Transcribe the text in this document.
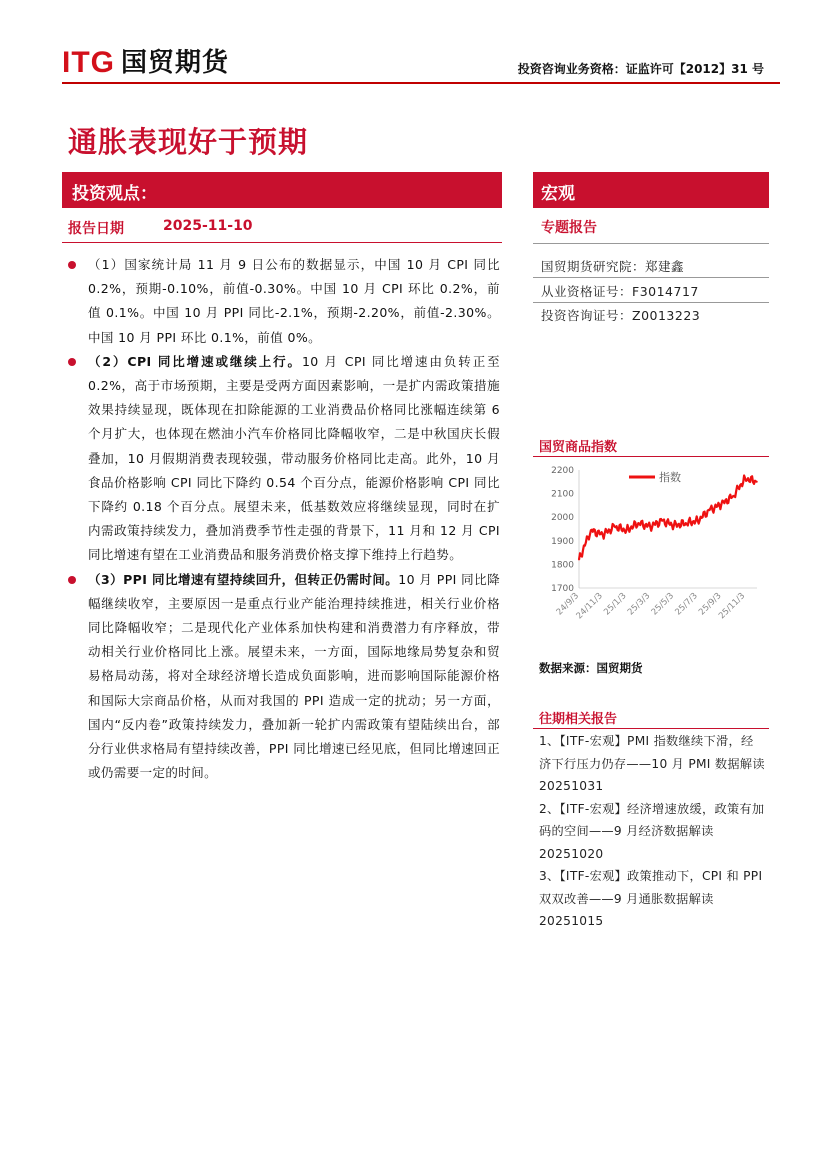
ITG 国贸期货	投资咨询业务资格：证监许可【2012】31 号
通胀表现好于预期
投资观点：	宏观
报告日期	2025-11-10	专题报告
国贸期货研究院：郑建鑫
从业资格证号：F3014717
投资咨询证号：Z0013223

（1）国家统计局 11 月 9 日公布的数据显示，中国 10 月 CPI 同比 0.2%，预期-0.10%，前值-0.30%。中国 10 月 CPI 环比 0.2%，前值 0.1%。中国 10 月 PPI 同比-2.1%，预期-2.20%，前值-2.30%。中国 10 月 PPI 环比 0.1%，前值 0%。

（2）CPI 同比增速或继续上行。10 月 CPI 同比增速由负转正至 0.2%，高于市场预期，主要是受两方面因素影响，一是扩内需政策措施效果持续显现，既体现在扣除能源的工业消费品价格同比涨幅连续第 6 个月扩大，也体现在燃油小汽车价格同比降幅收窄，二是中秋国庆长假叠加，10 月假期消费表现较强，带动服务价格同比走高。此外，10 月食品价格影响 CPI 同比下降约 0.54 个百分点，能源价格影响 CPI 同比下降约 0.18 个百分点。展望未来，低基数效应将继续显现，同时在扩内需政策持续发力，叠加消费季节性走强的背景下，11 月和 12 月 CPI 同比增速有望在工业消费品和服务消费价格支撑下维持上行趋势。

（3）PPI 同比增速有望持续回升，但转正仍需时间。10 月 PPI 同比降幅继续收窄，主要原因一是重点行业产能治理持续推进，相关行业价格同比降幅收窄；二是现代化产业体系加快构建和消费潜力有序释放，带动相关行业价格同比上涨。展望未来，一方面，国际地缘局势复杂和贸易格局动荡，将对全球经济增长造成负面影响，进而影响国际能源价格和国际大宗商品价格，从而对我国的 PPI 造成一定的扰动；另一方面，国内“反内卷”政策持续发力，叠加新一轮扩内需政策有望陆续出台，部分行业供求格局有望持续改善，PPI 同比增速已经见底，但同比增速回正或仍需要一定的时间。

国贸商品指数
1700
1800
1900
2000
2100
2200
24/9/3
24/11/3
25/1/3
25/3/3
25/5/3
25/7/3
25/9/3
25/11/3
指数
数据来源：国贸期货
往期相关报告

1、【ITF-宏观】PMI 指数继续下滑，经济下行压力仍存——10 月 PMI 数据解读 20251031

2、【ITF-宏观】经济增速放缓，政策有加码的空间——9 月经济数据解读 20251020

3、【ITF-宏观】政策推动下，CPI 和 PPI 双双改善——9 月通胀数据解读 20251015
